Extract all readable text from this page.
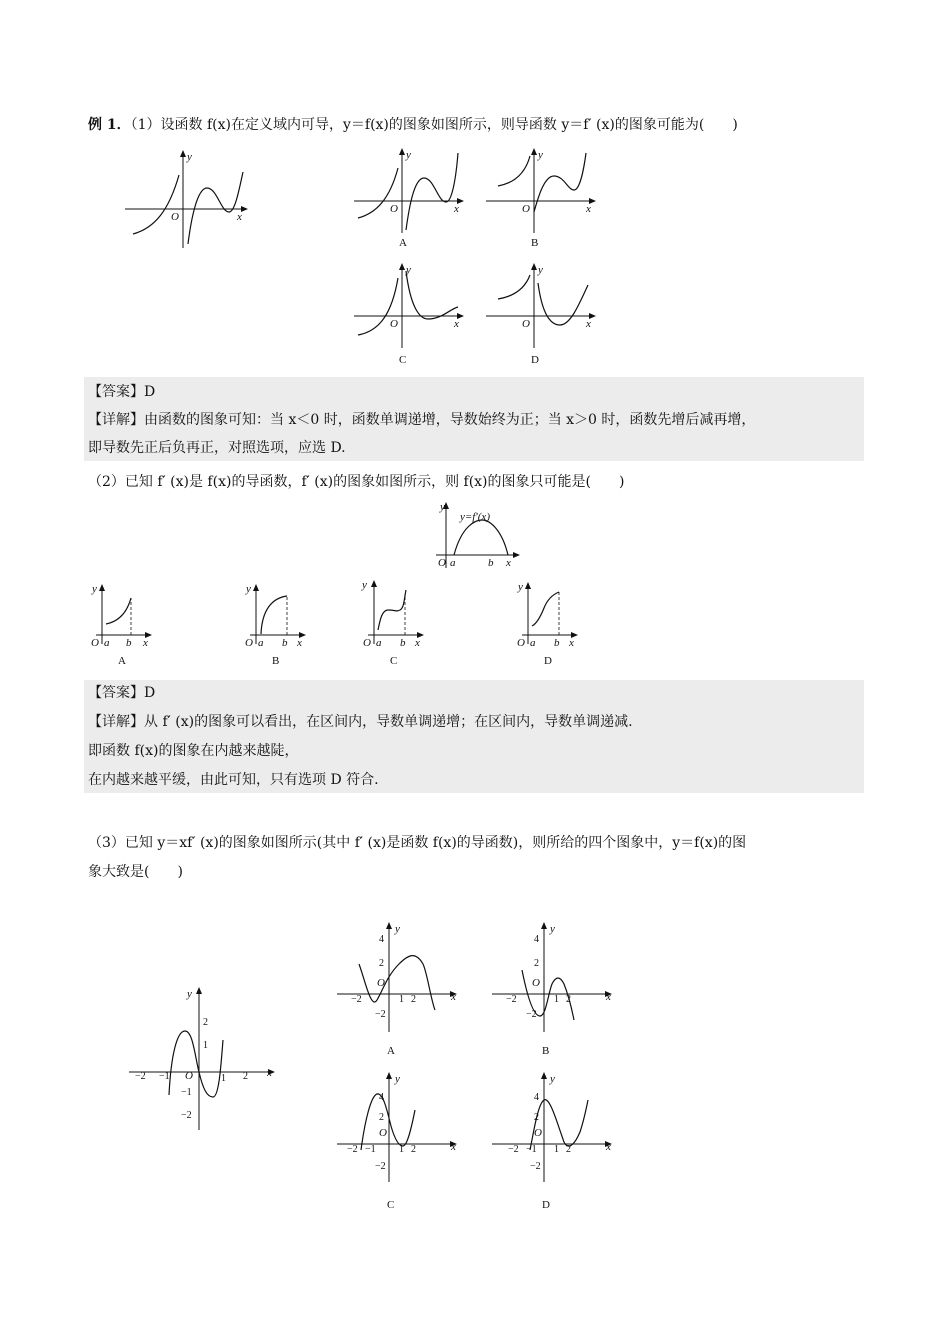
例 1．（1）设函数 f(x)在定义域内可导，y＝f(x)的图象如图所示，则导函数 y＝f′ (x)的图象可能为(　　)
y
x
O
y
x
O
A
y
x
O
B
y
x
O
C
y
x
O
D
【答案】D
【详解】由函数的图象可知：当 x＜0 时，函数单调递增，导数始终为正；当 x＞0 时，函数先增后减再增，
即导数先正后负再正，对照选项，应选 D.
（2）已知 f′ (x)是 f(x)的导函数，f′ (x)的图象如图所示，则 f(x)的图象只可能是(　　)
y
y=f′(x)
O a	b x
O a b x
y
A
O a b x
y
B
O a b x
y
C
O a b x
y
D
【答案】D
【详解】从 f′ (x)的图象可以看出，在区间内，导数单调递增；在区间内，导数单调递减.
即函数 f(x)的图象在内越来越陡，
在内越来越平缓，由此可知，只有选项 D 符合.
（3）已知 y＝xf′ (x)的图象如图所示(其中 f′ (x)是函数 f(x)的导函数)，则所给的四个图象中，y＝f(x)的图
象大致是(　　)
y
x
O
−2 −1	1 2
2
1
−1
−2
y
x
O
4
2
−2
−2	1 2
A
y
x
O
4
2
−2
−2	1 2
B
y
x
O
4
2
−2
−2 −1 1 2
C
y
x
O
4
2
−2
−2 −1 1 2
D
